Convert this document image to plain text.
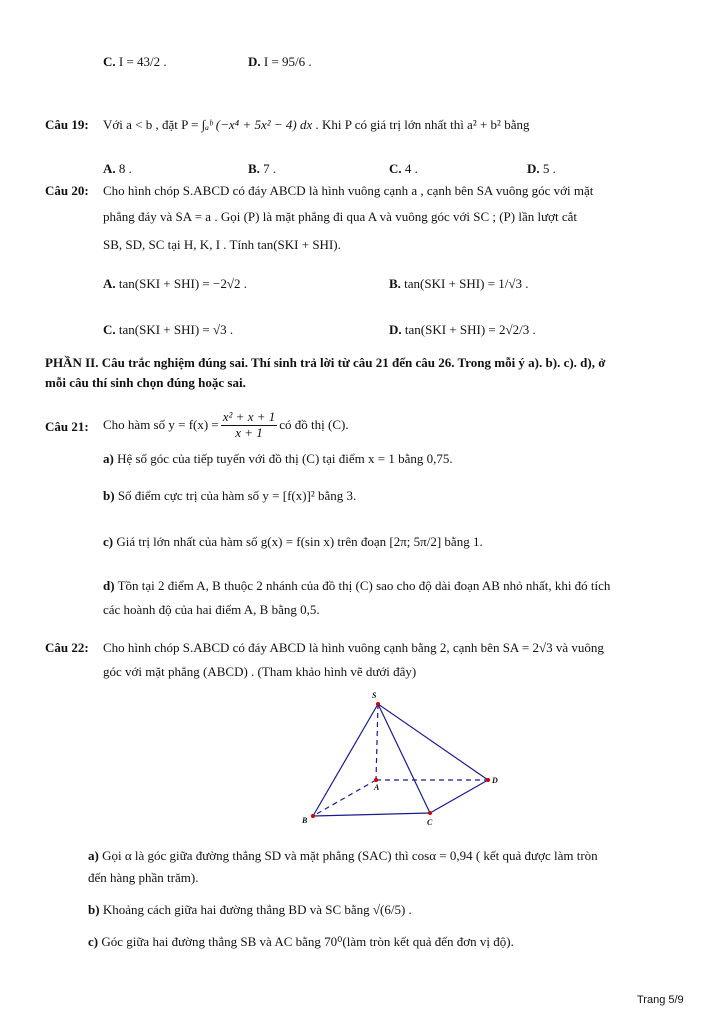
C. I = 43/2 .	D. I = 95/6 .
Câu 19: Với a < b , đặt P = ∫ₐᵇ (−x⁴ + 5x² − 4) dx . Khi P có giá trị lớn nhất thì a² + b² bằng
A. 8 .	B. 7 .	C. 4 .	D. 5 .
Câu 20: Cho hình chóp S.ABCD có đáy ABCD là hình vuông cạnh a , cạnh bên SA vuông góc với mặt
phẳng đáy và SA = a . Gọi (P) là mặt phẳng đi qua A và vuông góc với SC ; (P) lần lượt cắt
SB, SD, SC tại H, K, I . Tính tan(SKI + SHI).
A. tan(SKI + SHI) = −2√2 .	B. tan(SKI + SHI) = 1/√3 .
C. tan(SKI + SHI) = √3 .	D. tan(SKI + SHI) = 2√2/3 .
PHẦN II. Câu trắc nghiệm đúng sai. Thí sinh trả lời từ câu 21 đến câu 26. Trong mỗi ý a). b). c). d), ở
mỗi câu thí sinh chọn đúng hoặc sai.
Câu 21: Cho hàm số $y = f(x) = \frac{\text{x² + x + 1}}{x + 1}$ có đồ thị (C).
a) Hệ số góc của tiếp tuyến với đồ thị (C) tại điểm x = 1 bằng 0,75.
b) Số điểm cực trị của hàm số y = [f(x)]² bằng 3.
c) Giá trị lớn nhất của hàm số g(x) = f(sin x) trên đoạn [2π; 5π/2] bằng 1.
d) Tồn tại 2 điểm A, B thuộc 2 nhánh của đồ thị (C) sao cho độ dài đoạn AB nhỏ nhất, khi đó tích
các hoành độ của hai điểm A, B bằng 0,5.
Câu 22: Cho hình chóp S.ABCD có đáy ABCD là hình vuông cạnh bằng 2, cạnh bên SA = 2√3 và vuông
góc với mặt phẳng (ABCD) . (Tham khảo hình vẽ dưới đây)
S
A
B	C
D
a) Gọi α là góc giữa đường thẳng SD và mặt phẳng (SAC) thì cosα = 0,94 ( kết quả được làm tròn
đến hàng phần trăm).
b) Khoảng cách giữa hai đường thẳng BD và SC bằng √(6/5) .
c) Góc giữa hai đường thẳng SB và AC bằng 70⁰(làm tròn kết quả đến đơn vị độ).
Trang 5/9
